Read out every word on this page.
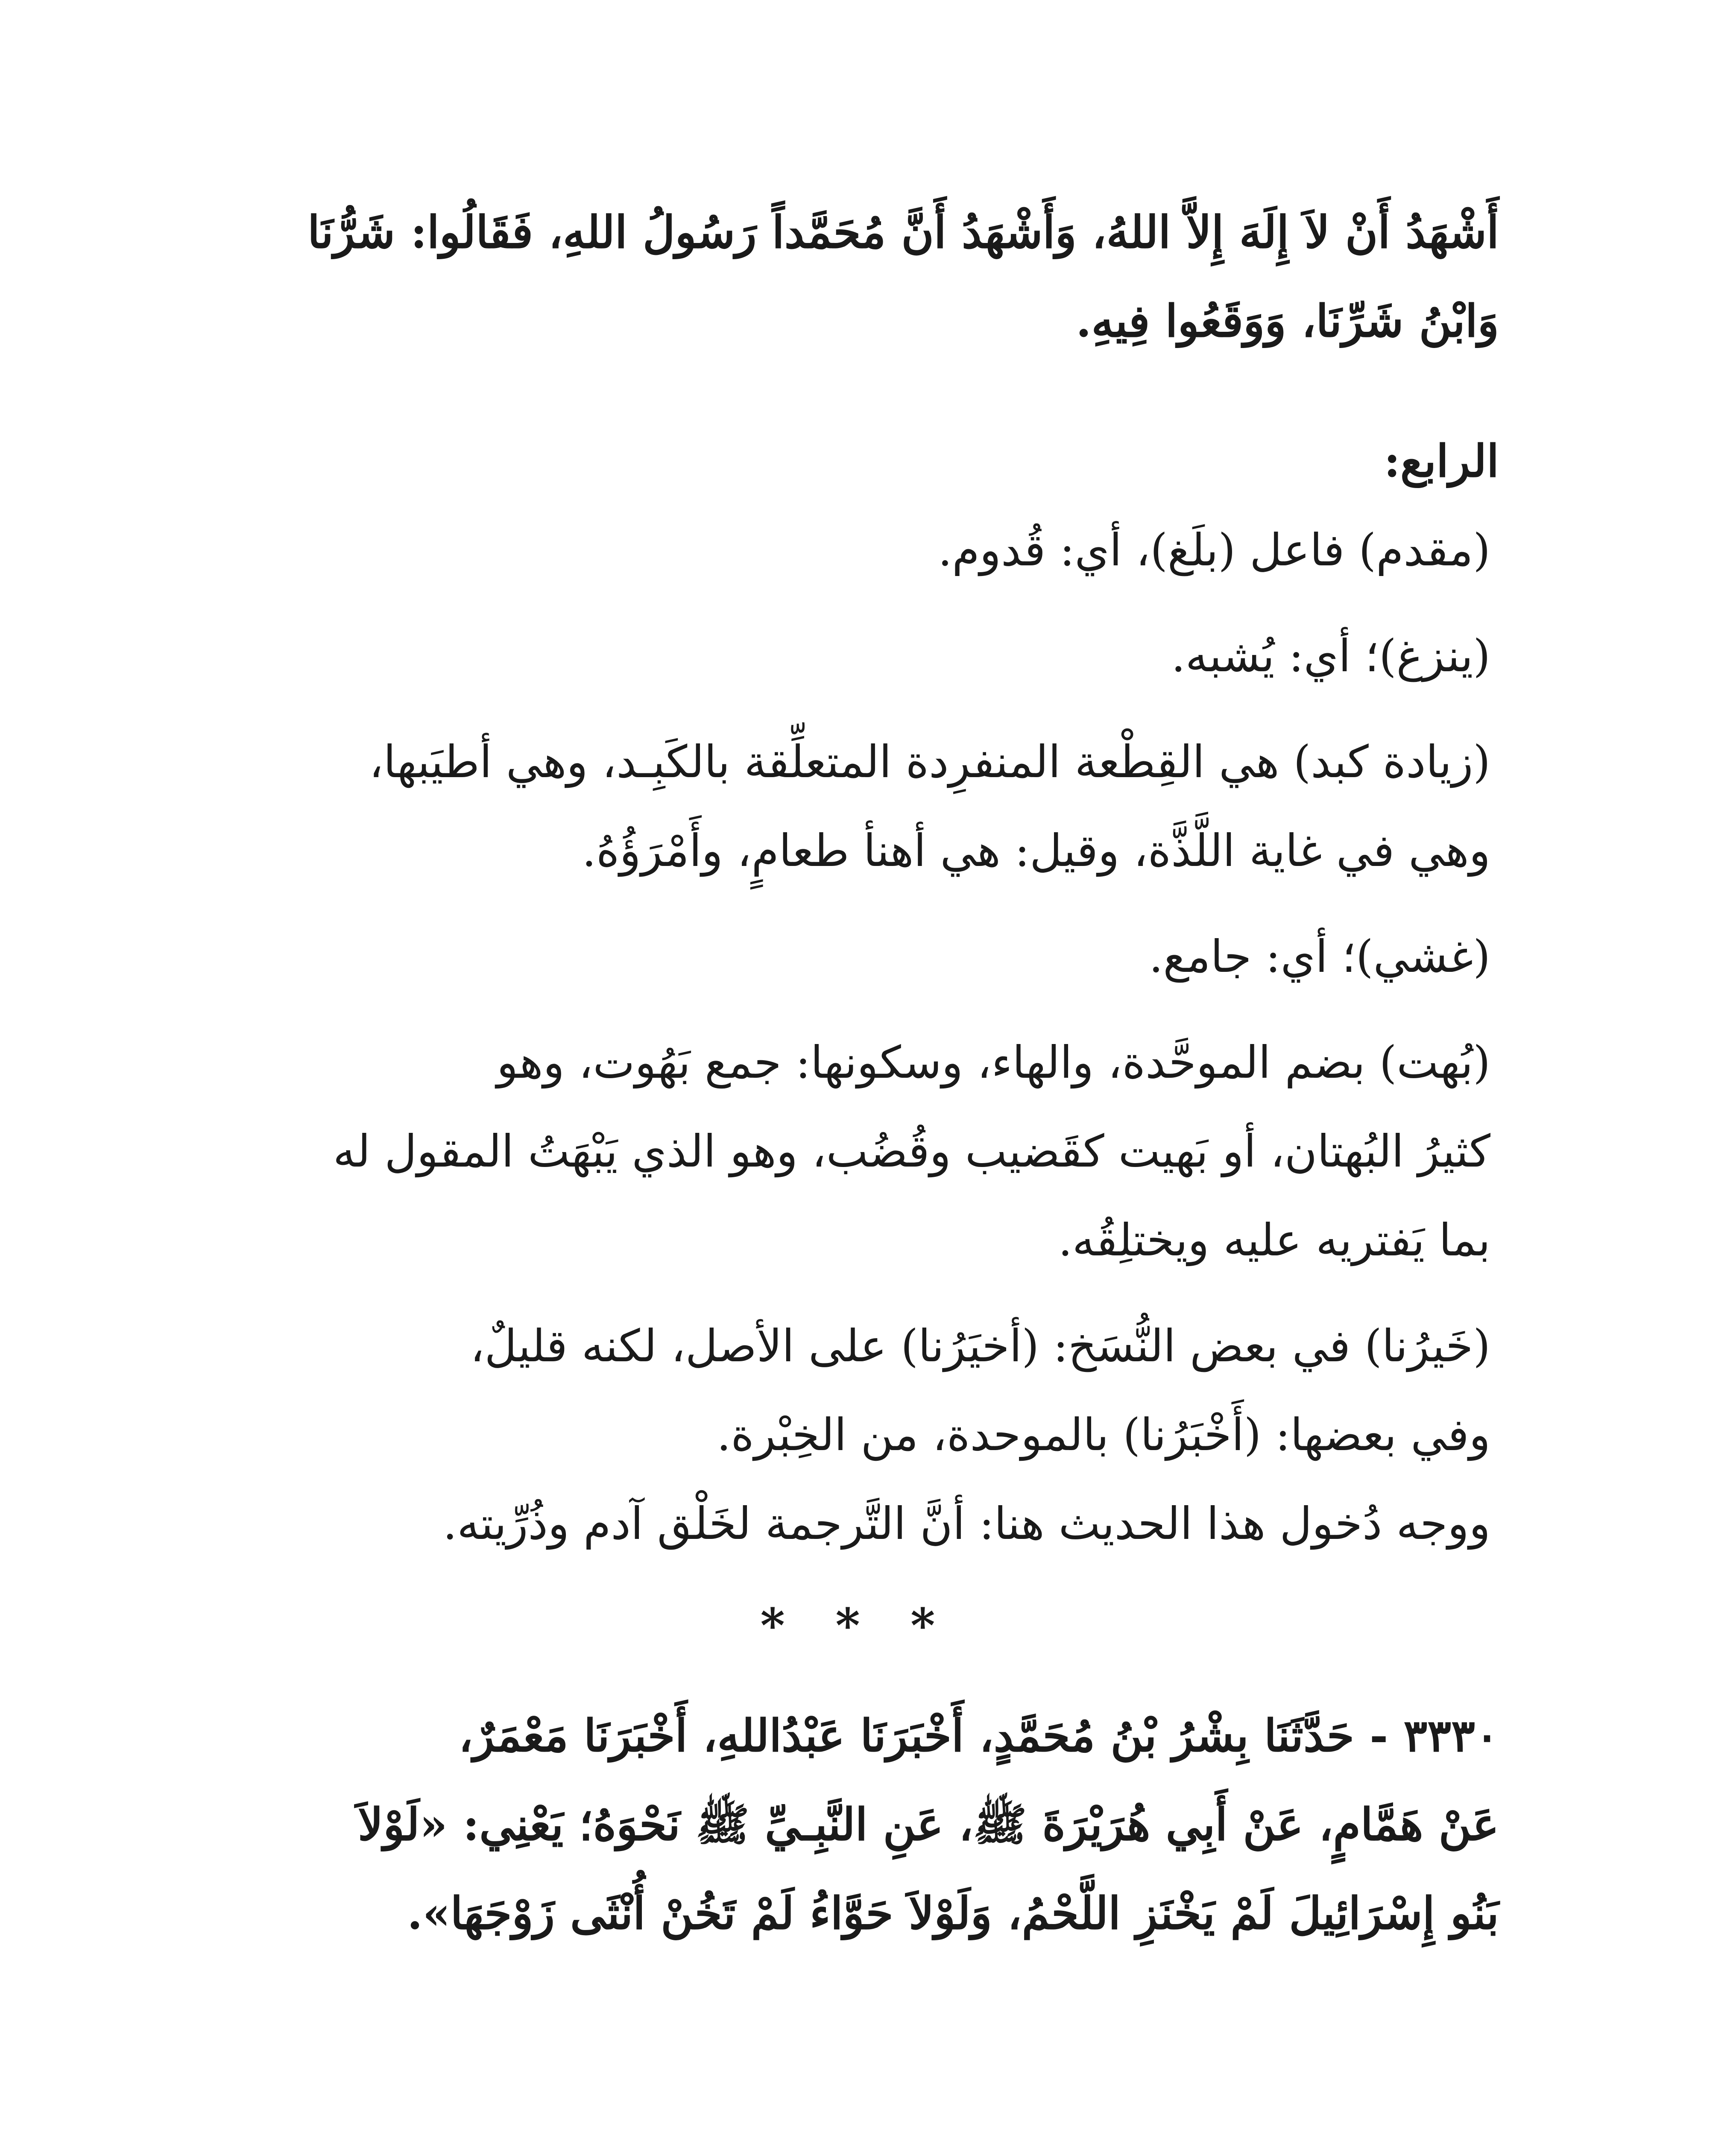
أَشْهَدُ أَنْ لاَ إِلَهَ إِلاَّ اللهُ، وَأَشْهَدُ أَنَّ مُحَمَّداً رَسُولُ اللهِ، فَقَالُوا: شَرُّنَا
وَابْنُ شَرِّنَا، وَوَقَعُوا فِيهِ.
الرابع:
(مقدم) فاعل (بلَغ)، أي: قُدوم.
(ينزغ)؛ أي: يُشبه.
(زيادة كبد) هي القِطْعة المنفرِدة المتعلِّقة بالكَبِـد، وهي أطيَبها،
وهي في غاية اللَّذَّة، وقيل: هي أهنأ طعامٍ، وأَمْرَؤُهُ.
(غشي)؛ أي: جامع.
(بُهت) بضم الموحَّدة، والهاء، وسكونها: جمع بَهُوت، وهو
كثيرُ البُهتان، أو بَهيت كقَضيب وقُضُب، وهو الذي يَبْهَتُ المقول له
بما يَفتريه عليه ويختلِقُه.
(خَيرُنا) في بعض النُّسَخ: (أخيَرُنا) على الأصل، لكنه قليلٌ،
وفي بعضها: (أَخْبَرُنا) بالموحدة، من الخِبْرة.
ووجه دُخول هذا الحديث هنا: أنَّ التَّرجمة لخَلْق آدم وذُرِّيته.
* * *
٣٣٣٠ - حَدَّثَنَا بِشْرُ بْنُ مُحَمَّدٍ، أَخْبَرَنَا عَبْدُاللهِ، أَخْبَرَنَا مَعْمَرٌ،
عَنْ هَمَّامٍ، عَنْ أَبِي هُرَيْرَةَ ﷺ، عَنِ النَّبِـيِّ ﷺ نَحْوَهُ؛ يَعْنِي: «لَوْلاَ
بَنُو إِسْرَائِيلَ لَمْ يَخْنَزِ اللَّحْمُ، وَلَوْلاَ حَوَّاءُ لَمْ تَخُنْ أُنْثَى زَوْجَهَا».
